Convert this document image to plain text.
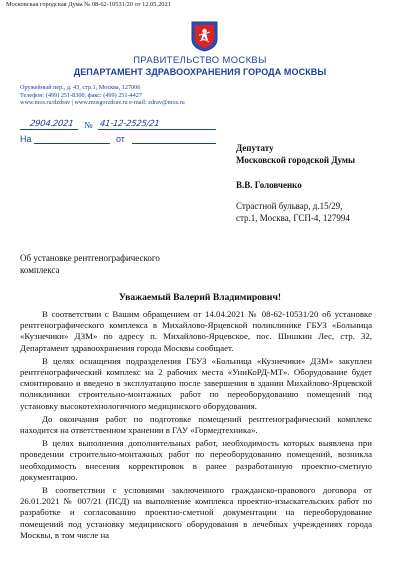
Московская городская Дума № 08-62-10531/20 от 12.05.2021
ПРАВИТЕЛЬСТВО МОСКВЫ
ДЕПАРТАМЕНТ ЗДРАВООХРАНЕНИЯ ГОРОДА МОСКВЫ
Оружейный пер., д. 43, стр.1, Москва, 127006
Телефон: (499) 251-8300, факс: (499) 251-4427
www.mos.ru/dzdrav | www.mosgorzdrav.ru e-mail: zdrav@mos.ru
2904.2021 № 41-12-2525/21
На	от
Депутату
Московской городской Думы
В.В. Головченко
Страстной бульвар, д.15/29,
стр.1, Москва, ГСП-4, 127994
Об установке рентгенографического
комплекса
Уважаемый Валерий Владимирович!

В соответствии с Вашим обращением от 14.04.2021 № 08-62-10531/20 об установке рентгенографического комплекса в Михайлово-Ярцевской поликлинике ГБУЗ «Больница «Кузнечики» ДЗМ» по адресу п. Михайлово-Ярцевское, пос. Шишкин Лес, стр. 32, Департамент здравоохранения города Москвы сообщает.

В целях оснащения подразделения ГБУЗ «Больница «Кузнечики» ДЗМ» закуплен рентгенографический комплекс на 2 рабочих места «УниКоРД-МТ». Оборудование будет смонтировано и введено в эксплуатацию после завершения в здании Михайлово-Ярцевской поликлиники строительно-монтажных работ по переоборудованию помещений под установку высокотехнологичного медицинского оборудования.

До окончания работ по подготовке помещений рентгенографический комплекс находится на ответственном хранении в ГАУ «Гормедтехника».

В целях выполнения дополнительных работ, необходимость которых выявлена при проведении строительно-монтажных работ по переоборудованию помещений, возникла необходимость внесения корректировок в ранее разработанную проектно-сметную документацию.

В соответствии с условиями заключенного гражданско-правового договора от 26.01.2021 № 007/21 (ПСД) на выполнение комплекса проектно-изыскательских работ по разработке и согласованию проектно-сметной документации на переоборудование помещений под установку медицинского оборудования в лечебных учреждениях города Москвы, в том числе на
